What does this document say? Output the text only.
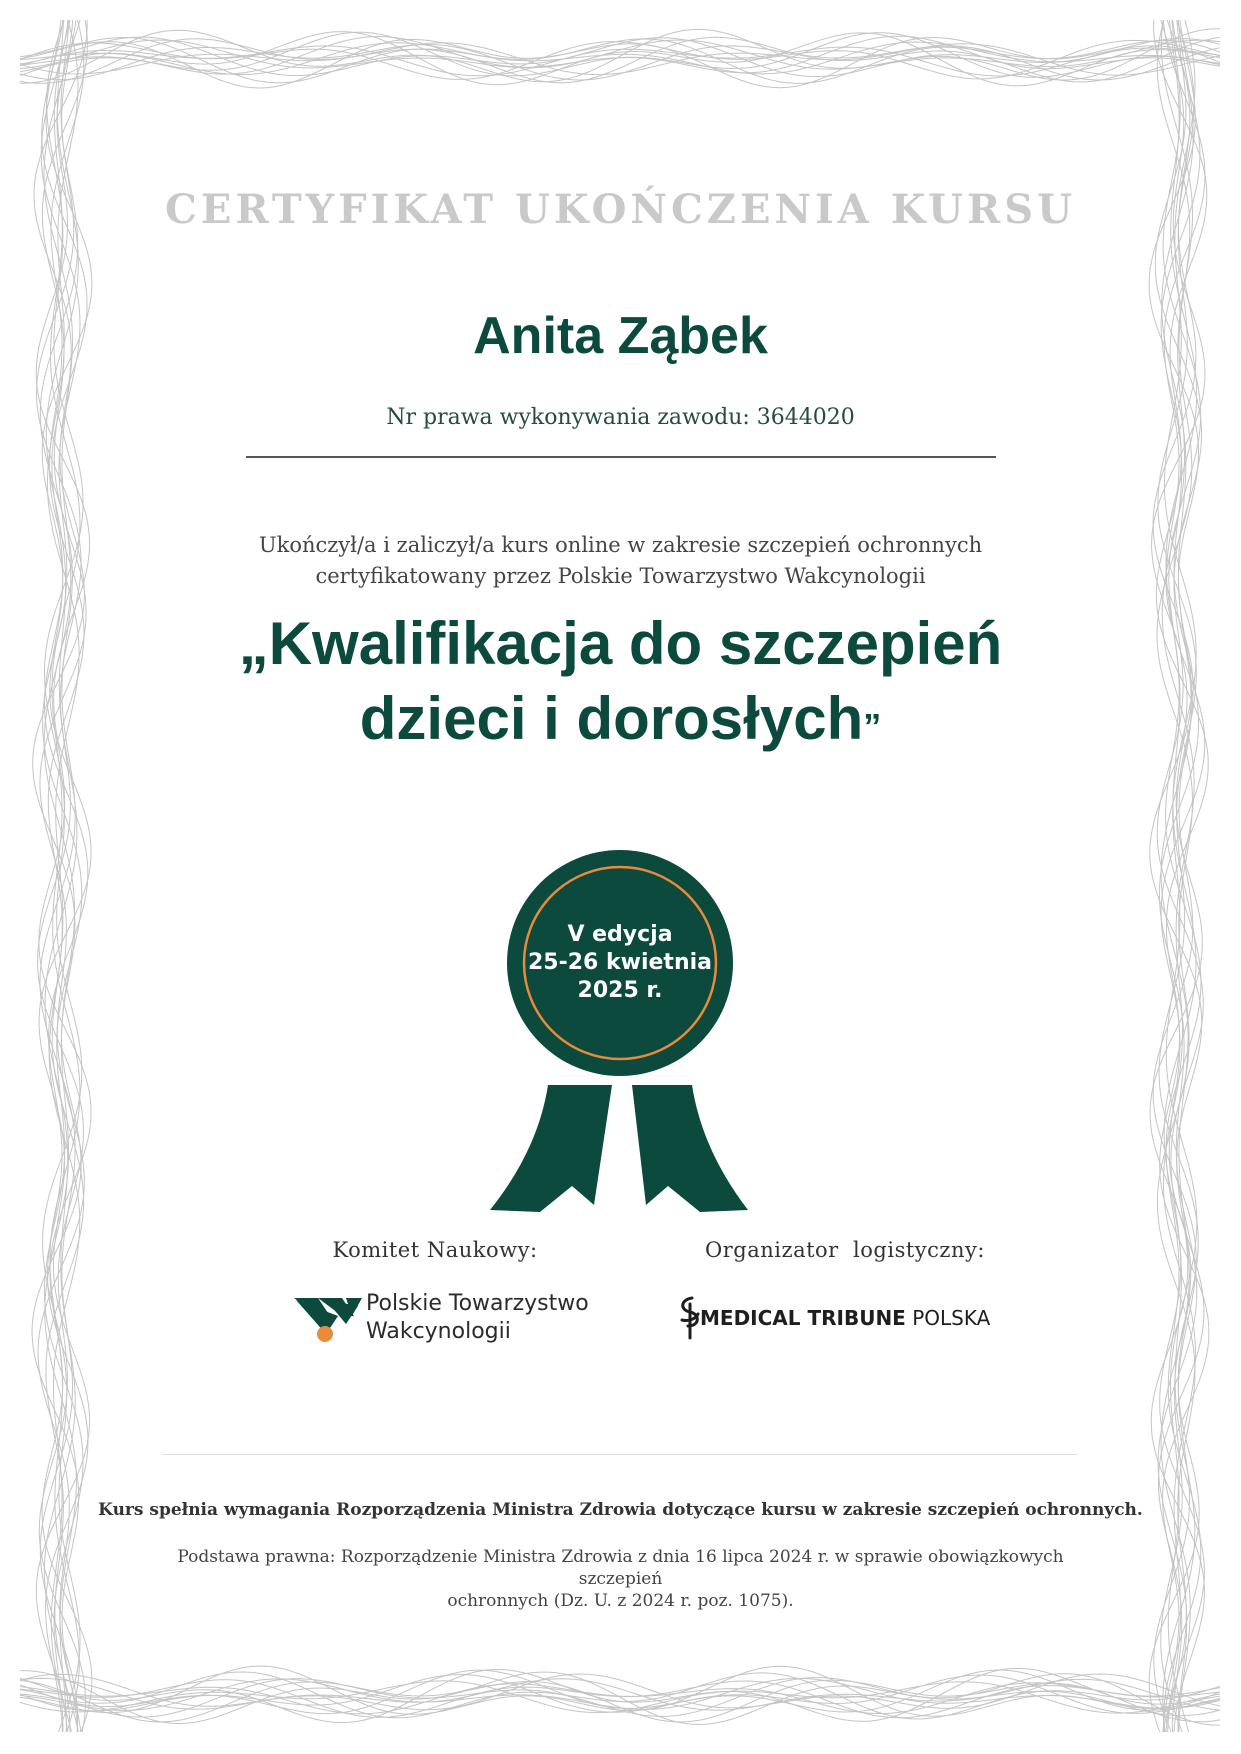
CERTYFIKAT UKOŃCZENIA KURSU
Anita Ząbek
Nr prawa wykonywania zawodu: 3644020
Ukończył/a i zaliczył/a kurs online w zakresie szczepień ochronnych
certyfikatowany przez Polskie Towarzystwo Wakcynologii
„Kwalifikacja do szczepień
dzieci i dorosłych”
V edycja
25-26 kwietnia
2025 r.
Komitet Naukowy:	Organizator  logistyczny:
Polskie Towarzystwo
Wakcynologii
MEDICAL TRIBUNE POLSKA
Kurs spełnia wymagania Rozporządzenia Ministra Zdrowia dotyczące kursu w zakresie szczepień ochronnych.
Podstawa prawna: Rozporządzenie Ministra Zdrowia z dnia 16 lipca 2024 r. w sprawie obowiązkowych szczepień
ochronnych (Dz. U. z 2024 r. poz. 1075).
